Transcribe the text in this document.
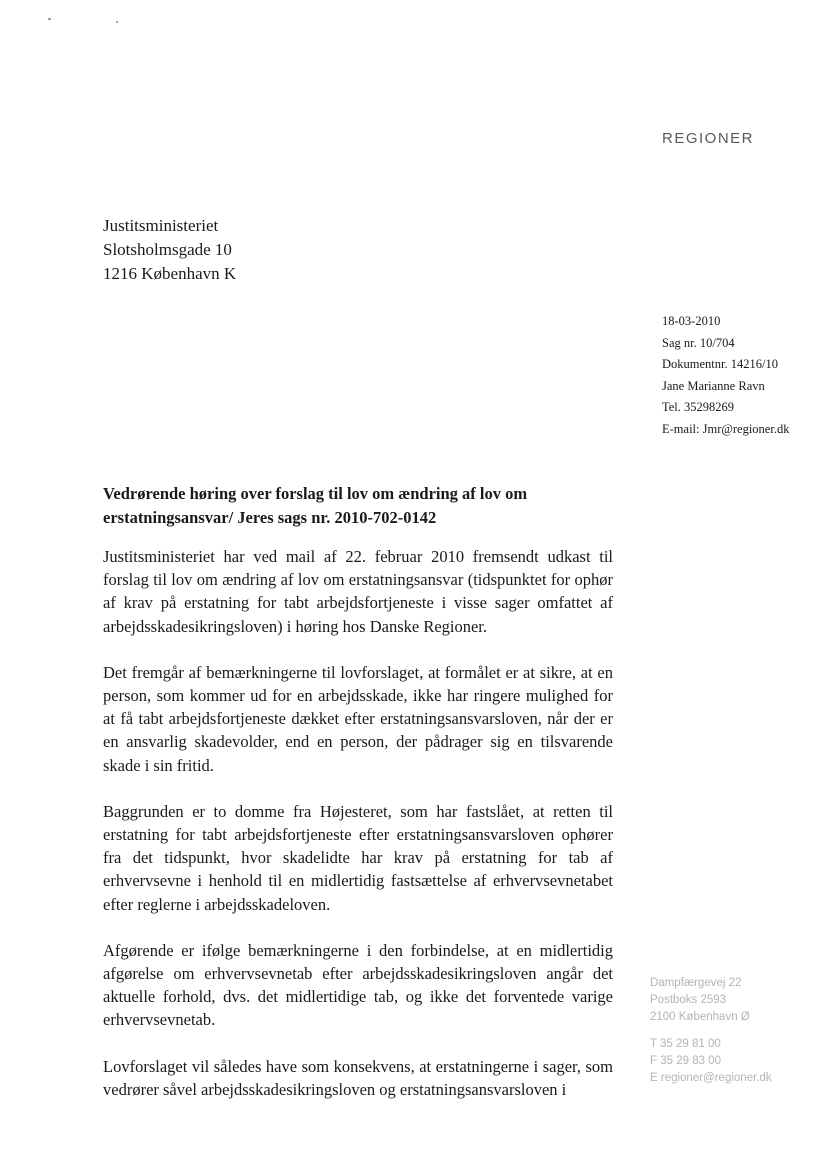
REGIONER
Justitsministeriet
Slotsholmsgade 10
1216 København K
18-03-2010
Sag nr. 10/704
Dokumentnr. 14216/10
Jane Marianne Ravn
Tel. 35298269
E-mail: Jmr@regioner.dk
Vedrørende høring over forslag til lov om ændring af lov om erstatningsansvar/ Jeres sags nr. 2010-702-0142

Justitsministeriet har ved mail af 22. februar 2010 fremsendt udkast til forslag til lov om ændring af lov om erstatningsansvar (tidspunktet for ophør af krav på erstatning for tabt arbejdsfortjeneste i visse sager omfattet af arbejdsskadesikringsloven) i høring hos Danske Regioner.

Det fremgår af bemærkningerne til lovforslaget, at formålet er at sikre, at en person, som kommer ud for en arbejdsskade, ikke har ringere mulighed for at få tabt arbejdsfortjeneste dækket efter erstatningsansvarsloven, når der er en ansvarlig skadevolder, end en person, der pådrager sig en tilsvarende skade i sin fritid.

Baggrunden er to domme fra Højesteret, som har fastslået, at retten til erstatning for tabt arbejdsfortjeneste efter erstatningsansvarsloven ophører fra det tidspunkt, hvor skadelidte har krav på erstatning for tab af erhvervsevne i henhold til en midlertidig fastsættelse af erhvervsevnetabet efter reglerne i arbejdsskadeloven.

Afgørende er ifølge bemærkningerne i den forbindelse, at en midlertidig afgørelse om erhvervsevnetab efter arbejdsskadesikringsloven angår det aktuelle forhold, dvs. det midlertidige tab, og ikke det forventede varige erhvervsevnetab.

Lovforslaget vil således have som konsekvens, at erstatningerne i sager, som vedrører såvel arbejdsskadesikringsloven og erstatningsansvarsloven i

Dampfærgevej 22
Postboks 2593
2100 København Ø
T 35 29 81 00
F 35 29 83 00
E regioner@regioner.dk
